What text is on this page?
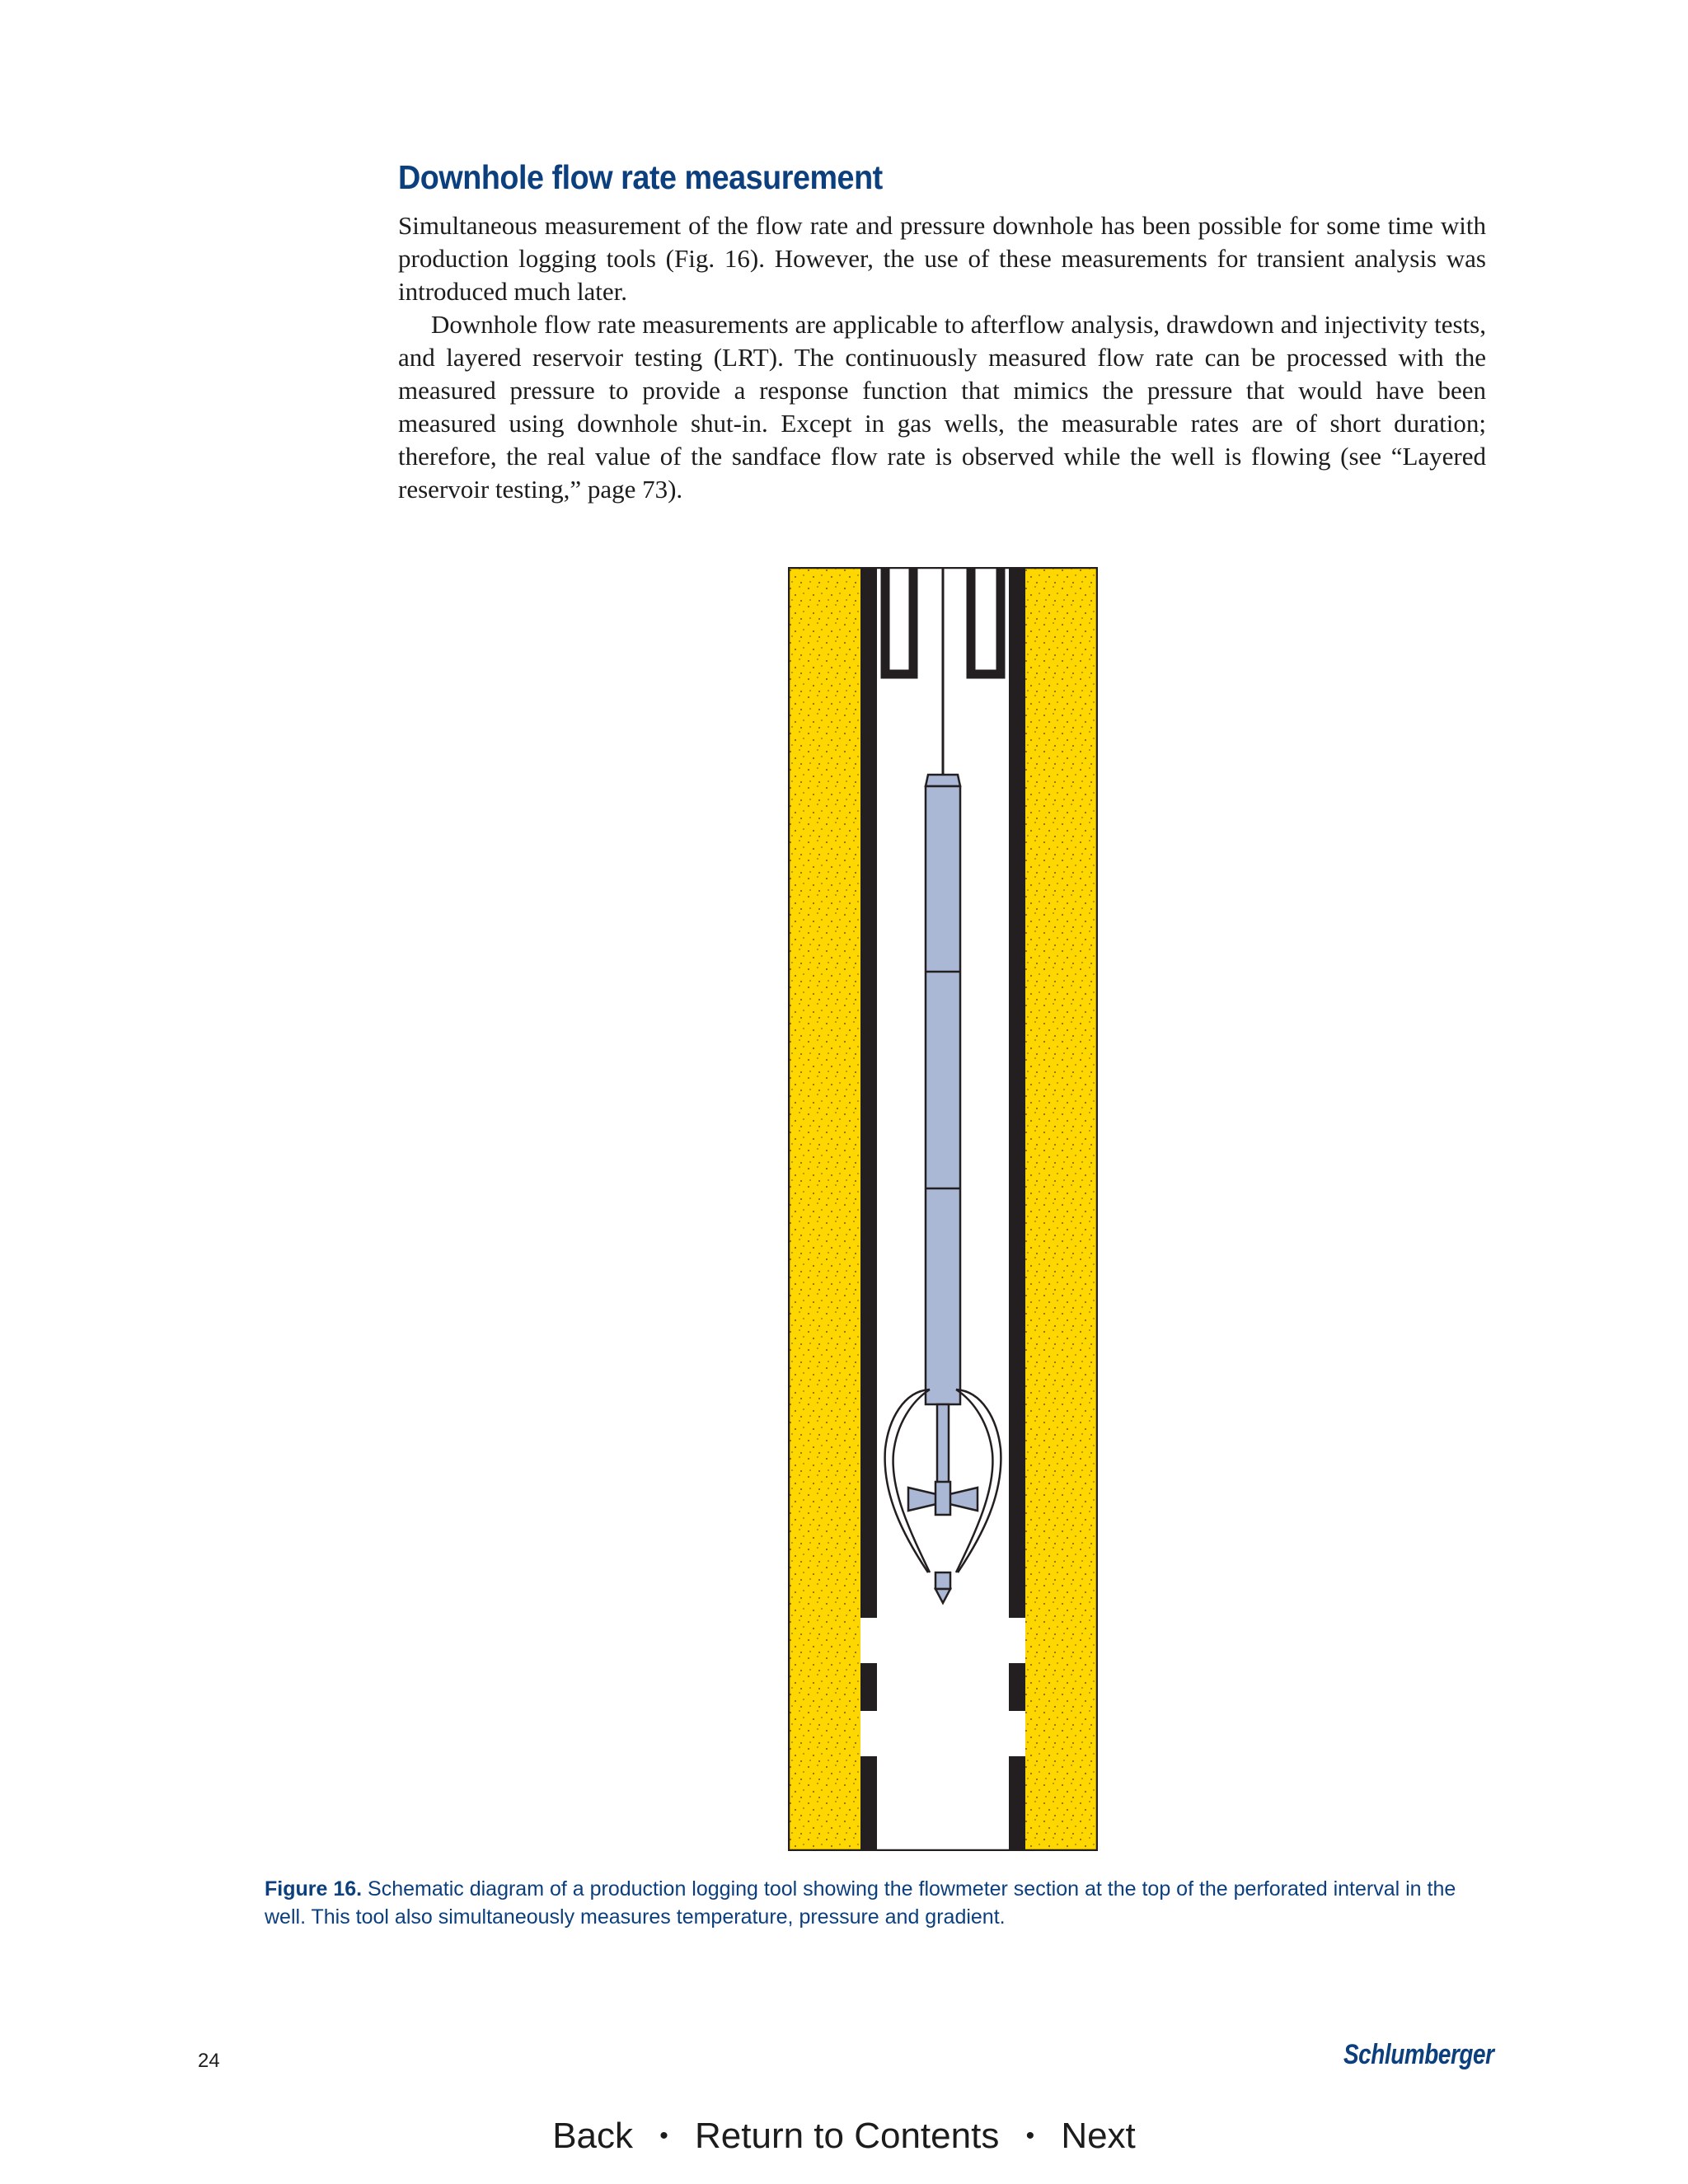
Downhole flow rate measurement

Simultaneous measurement of the flow rate and pressure downhole has been possible for some time with production logging tools (Fig. 16). However, the use of these measurements for transient analysis was introduced much later.

Downhole flow rate measurements are applicable to afterflow analysis, drawdown and injectivity tests, and layered reservoir testing (LRT). The continuously measured flow rate can be processed with the measured pressure to provide a response function that mimics the pressure that would have been measured using downhole shut-in. Except in gas wells, the measurable rates are of short duration; therefore, the real value of the sandface flow rate is observed while the well is flowing (see “Layered reservoir testing,” page 73).

Figure 16. Schematic diagram of a production logging tool showing the flowmeter section at the top of the perforated interval in the well. This tool also simultaneously measures temperature, pressure and gradient.
24	Schlumberger
Back • Return to Contents • Next
